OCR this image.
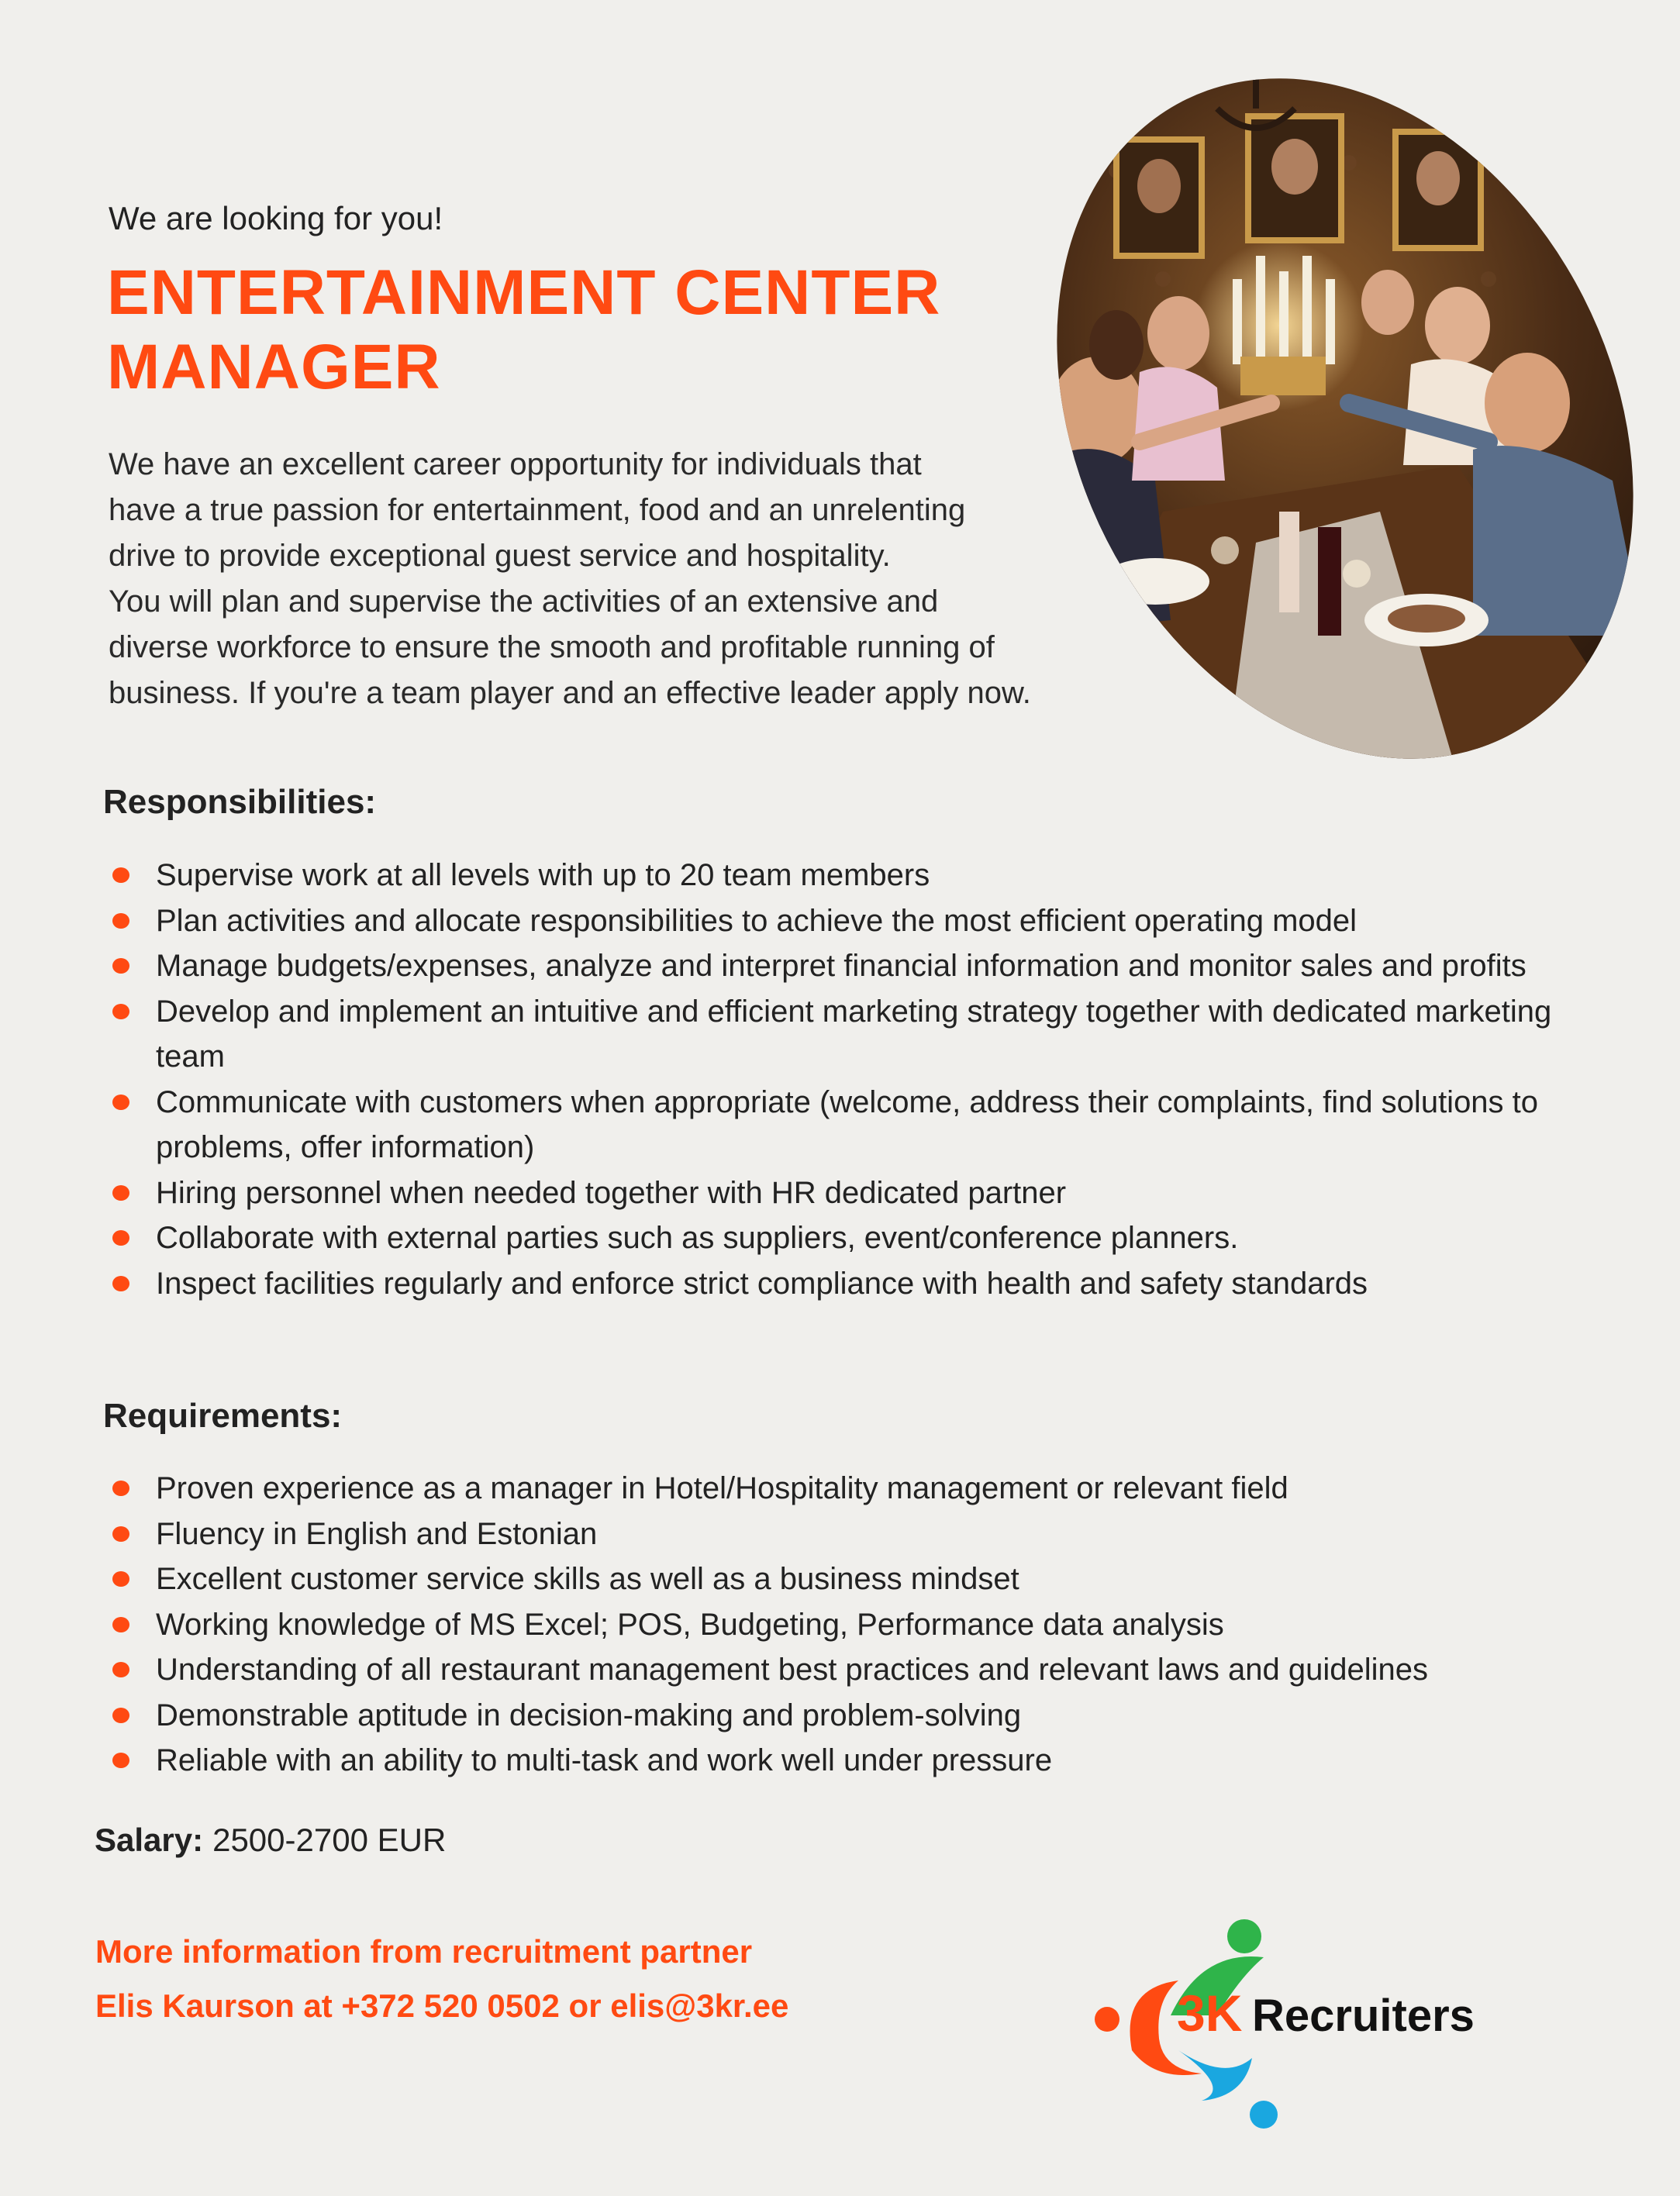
We are looking for you!
ENTERTAINMENT CENTER
MANAGER

We have an excellent career opportunity for individuals that
have a true passion for entertainment, food and an unrelenting
drive to provide exceptional guest service and hospitality.
You will plan and supervise the activities of an extensive and
diverse workforce to ensure the smooth and profitable running of
business. If you're a team player and an effective leader apply now.

Responsibilities:
Supervise work at all levels with up to 20 team members
Plan activities and allocate responsibilities to achieve the most efficient operating model
Manage budgets/expenses, analyze and interpret financial information and monitor sales and profits
Develop and implement an intuitive and efficient marketing strategy together with dedicated marketing team
Communicate with customers when appropriate (welcome, address their complaints, find solutions to problems, offer information)
Hiring personnel when needed together with HR dedicated partner
Collaborate with external parties such as suppliers, event/conference planners.
Inspect facilities regularly and enforce strict compliance with health and safety standards
Requirements:
Proven experience as a manager in Hotel/Hospitality management or relevant field
Fluency in English and Estonian
Excellent customer service skills as well as a business mindset
Working knowledge of MS Excel; POS, Budgeting, Performance data analysis
Understanding of all restaurant management best practices and relevant laws and guidelines
Demonstrable aptitude in decision-making and problem-solving
Reliable with an ability to multi-task and work well under pressure
Salary: 2500-2700 EUR
More information from recruitment partner
Elis Kaurson at +372 520 0502 or elis@3kr.ee	3K Recruiters
